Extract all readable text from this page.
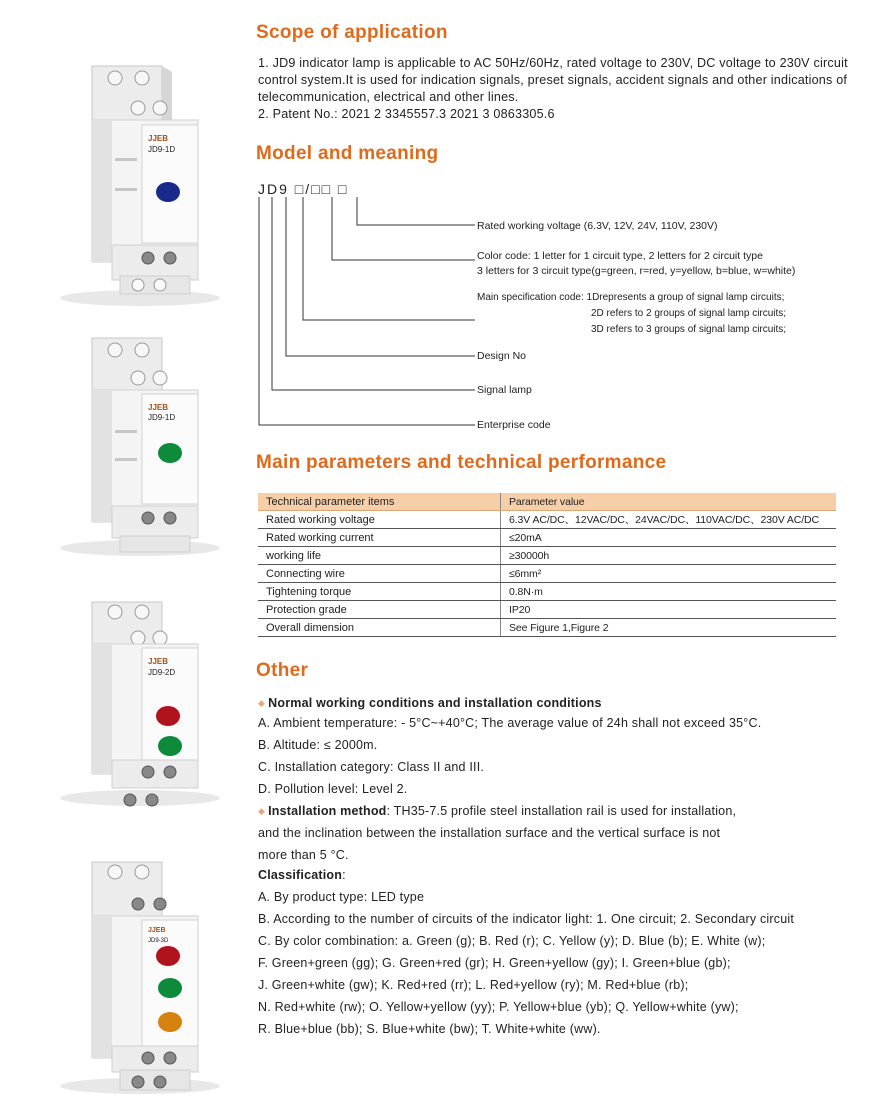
JJEB
JD9-1D
JJEB
JD9-1D
JJEB
JD9-2D
JJEB
JD9-3D
Scope of application

1. JD9 indicator lamp is applicable to AC 50Hz/60Hz, rated voltage to 230V, DC voltage to 230V circuit control system.It is used for indication signals, preset signals, accident signals and other indications of telecommunication, electrical and other lines.

2. Patent No.: 2021 2 3345557.3 2021 3 0863305.6

Model and meaning
JD9 □/□□ □
Rated working voltage (6.3V, 12V, 24V, 110V, 230V)
Color code: 1 letter for 1 circuit type, 2 letters for 2 circuit type
3 letters for 3 circuit type(g=green, r=red, y=yellow, b=blue, w=white)
Main specification code: 1Drepresents a group of signal lamp circuits;
2D refers to 2 groups of signal lamp circuits;
3D refers to 3 groups of signal lamp circuits;
Design No
Signal lamp
Enterprise code
Main parameters and technical performance
Technical parameter items	Parameter value
Rated working voltage	6.3V AC/DC、12VAC/DC、24VAC/DC、110VAC/DC、230V AC/DC
Rated working current	≤20mA
working life	≥30000h
Connecting wire	≤6mm²
Tightening torque	0.8N·m
Protection grade	IP20
Overall dimension	See Figure 1,Figure 2
Other
◆ Normal working conditions and installation conditions
A. Ambient temperature: - 5°C~+40°C; The average value of 24h shall not exceed 35°C.
B. Altitude: ≤ 2000m.
C. Installation category: Class II and III.
D. Pollution level: Level 2.
◆ Installation method: TH35-7.5 profile steel installation rail is used for installation,
and the inclination between the installation surface and the vertical surface is not
more than 5 °C.
Classification:
A. By product type: LED type
B. According to the number of circuits of the indicator light: 1. One circuit; 2. Secondary circuit
C. By color combination: a. Green (g); B. Red (r); C. Yellow (y); D. Blue (b); E. White (w);
F. Green+green (gg); G. Green+red (gr); H. Green+yellow (gy); I. Green+blue (gb);
J. Green+white (gw); K. Red+red (rr); L. Red+yellow (ry); M. Red+blue (rb);
N. Red+white (rw); O. Yellow+yellow (yy); P. Yellow+blue (yb); Q. Yellow+white (yw);
R. Blue+blue (bb); S. Blue+white (bw); T. White+white (ww).
